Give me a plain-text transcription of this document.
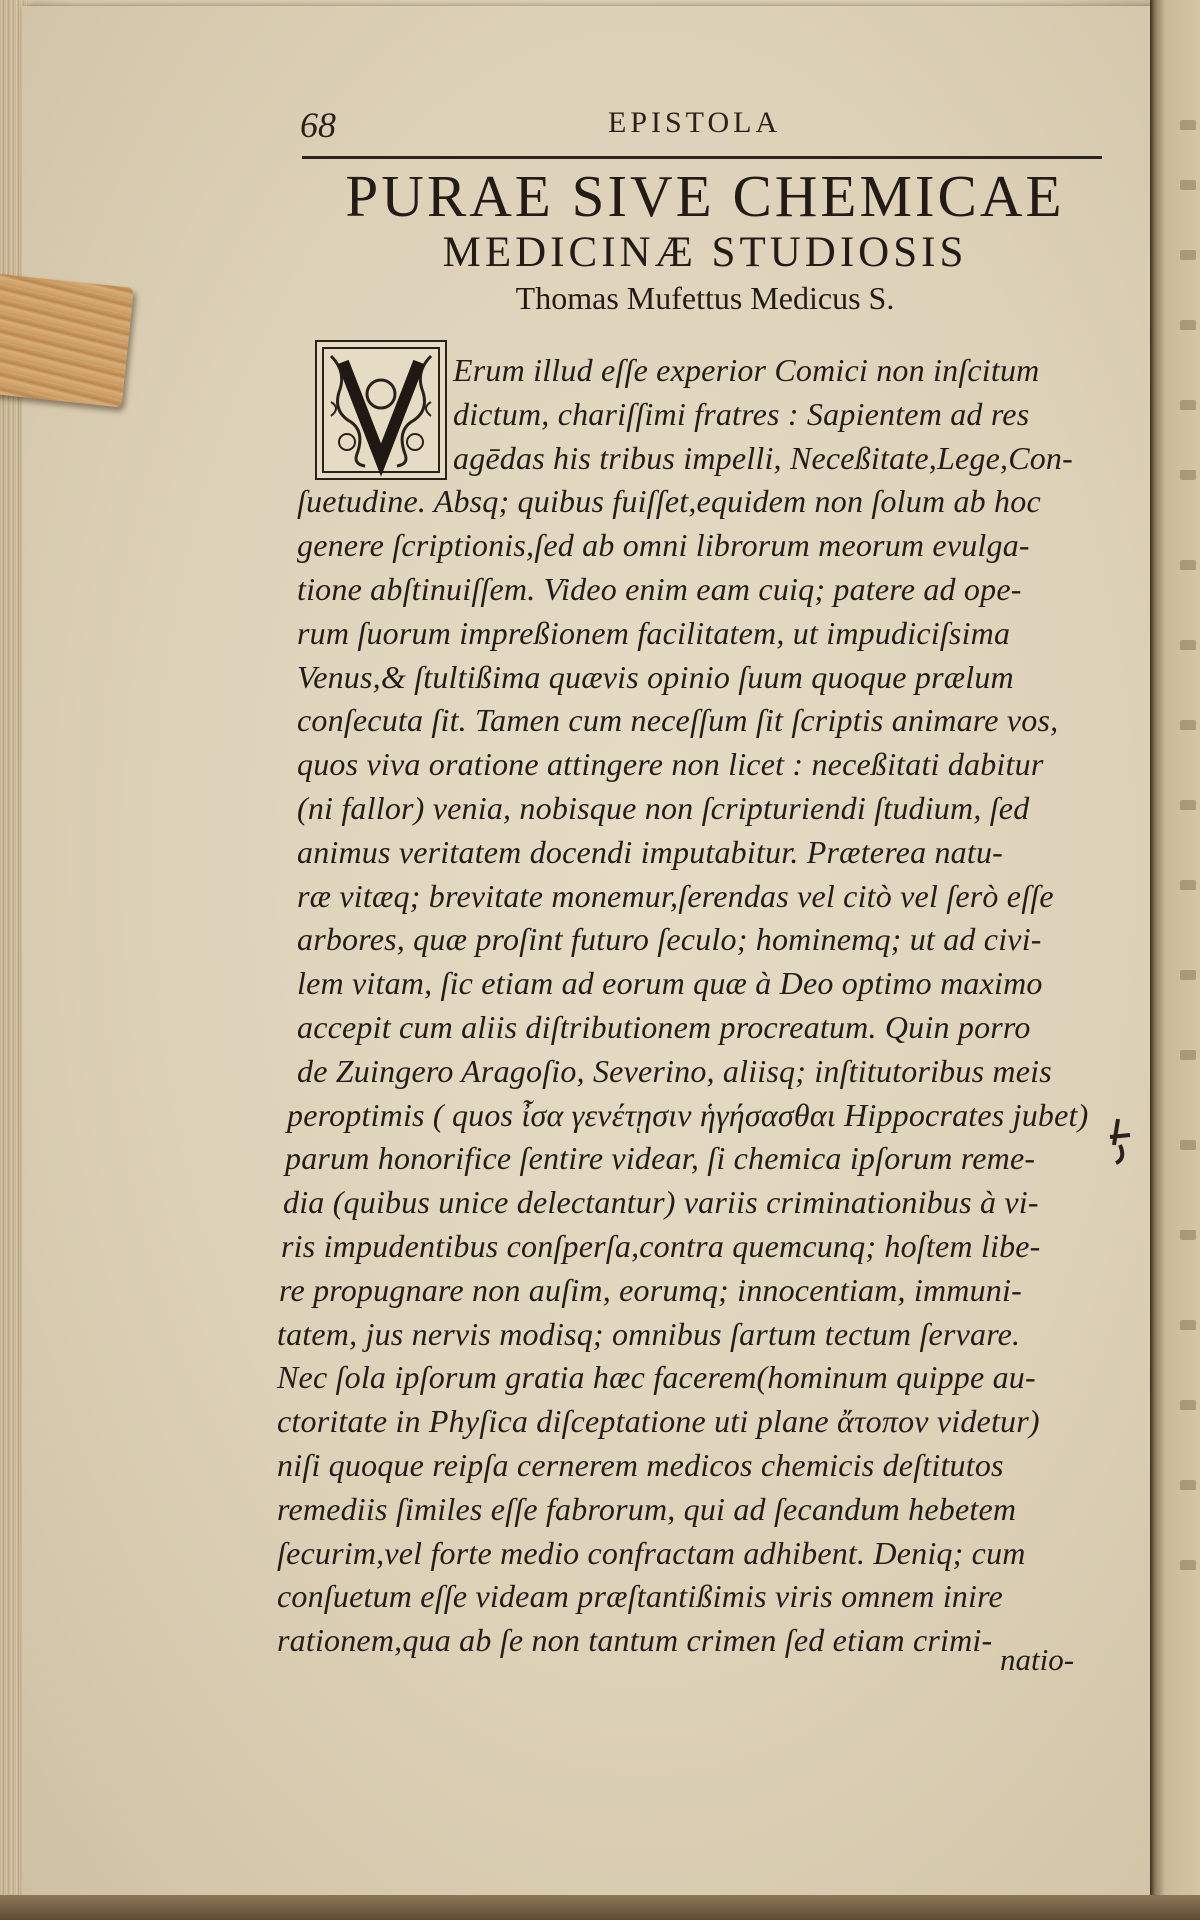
68	EPISTOLA
PURAE SIVE CHEMICAE
MEDICINÆ STUDIOSIS
Thomas Mufettus Medicus S.
Erum illud eſſe experior Comici non inſcitum
dictum, chariſſimi fratres : Sapientem ad res
agēdas his tribus impelli, Neceßitate,Lege,Con-
ſuetudine. Absq; quibus fuiſſet,equidem non ſolum ab hoc
genere ſcriptionis,ſed ab omni librorum meorum evulga-
tione abſtinuiſſem. Video enim eam cuiq; patere ad ope-
rum ſuorum impreßionem facilitatem, ut impudiciſsima
Venus,& ſtultißima quævis opinio ſuum quoque prælum
conſecuta ſit. Tamen cum neceſſum ſit ſcriptis animare vos,
quos viva oratione attingere non licet : neceßitati dabitur
(ni fallor) venia, nobisque non ſcripturiendi ſtudium, ſed
animus veritatem docendi imputabitur. Præterea natu-
ræ vitæq; brevitate monemur,ſerendas vel citò vel ſerò eſſe
arbores, quæ proſint futuro ſeculo; hominemq; ut ad civi-
lem vitam, ſic etiam ad eorum quæ à Deo optimo maximo
accepit cum aliis diſtributionem procreatum. Quin porro
de Zuingero Aragoſio, Severino, aliisq; inſtitutoribus meis
peroptimis ( quos ἶσα γενέτῃσιν ἡγήσασθαι Hippocrates jubet)
parum honorifice ſentire videar, ſi chemica ipſorum reme-
dia (quibus unice delectantur) variis criminationibus à vi-
ris impudentibus conſperſa,contra quemcunq; hoſtem libe-
re propugnare non auſim, eorumq; innocentiam, immuni-
tatem, jus nervis modisq; omnibus ſartum tectum ſervare.
Nec ſola ipſorum gratia hæc facerem(hominum quippe au-
ctoritate in Phyſica diſceptatione uti plane ἄτοπον videtur)
niſi quoque reipſa cernerem medicos chemicis deſtitutos
remediis ſimiles eſſe fabrorum, qui ad ſecandum hebetem
ſecurim,vel forte medio confractam adhibent. Deniq; cum
conſuetum eſſe videam præſtantißimis viris omnem inire
rationem,qua ab ſe non tantum crimen ſed etiam crimi-
natio-
